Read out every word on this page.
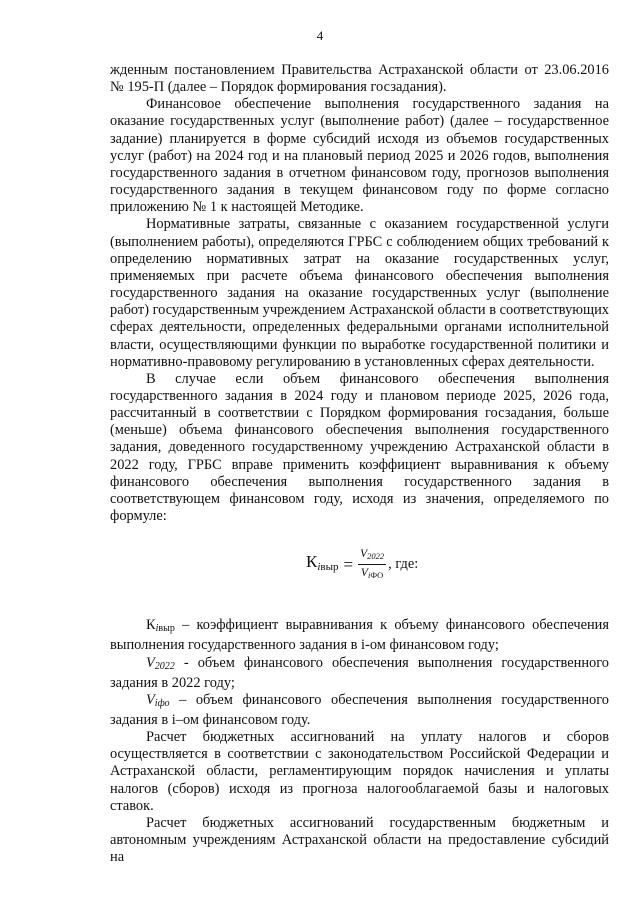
4

жденным постановлением Правительства Астраханской области от 23.06.2016 № 195-П (далее – Порядок формирования госзадания).

Финансовое обеспечение выполнения государственного задания на оказание государственных услуг (выполнение работ) (далее – государственное задание) планируется в форме субсидий исходя из объемов государственных услуг (работ) на 2024 год и на плановый период 2025 и 2026 годов, выполнения государственного задания в отчетном финансовом году, прогнозов выполнения государственного задания в текущем финансовом году по форме согласно приложению № 1 к настоящей Методике.

Нормативные затраты, связанные с оказанием государственной услуги (выполнением работы), определяются ГРБС с соблюдением общих требований к определению нормативных затрат на оказание государственных услуг, применяемых при расчете объема финансового обеспечения выполнения государственного задания на оказание государственных услуг (выполнение работ) государственным учреждением Астраханской области в соответствующих сферах деятельности, определенных федеральными органами исполнительной власти, осуществляющими функции по выработке государственной политики и нормативно-правовому регулированию в установленных сферах деятельности.

В случае если объем финансового обеспечения выполнения государственного задания в 2024 году и плановом периоде 2025, 2026 года, рассчитанный в соответствии с Порядком формирования госзадания, больше (меньше) объема финансового обеспечения выполнения государственного задания, доведенного государственному учреждению Астраханской области в 2022 году, ГРБС вправе применить коэффициент выравнивания к объему финансового обеспечения выполнения государственного задания в соответствующем финансовом году, исходя из значения, определяемого по формуле:

$К_{iвыр} = \frac{V_{2022}}{V_{iФО}}$ , где:

$К_{iвыр}$ – коэффициент выравнивания к объему финансового обеспечения выполнения государственного задания в i-ом финансовом году;

$V_{2022}$ - объем финансового обеспечения выполнения государственного задания в 2022 году;

$V_{iфо}$ – объем финансового обеспечения выполнения государственного задания в i–ом финансовом году.

Расчет бюджетных ассигнований на уплату налогов и сборов осуществляется в соответствии с законодательством Российской Федерации и Астраханской области, регламентирующим порядок начисления и уплаты налогов (сборов) исходя из прогноза налогооблагаемой базы и налоговых ставок.

Расчет бюджетных ассигнований государственным бюджетным и автономным учреждениям Астраханской области на предоставление субсидий на
